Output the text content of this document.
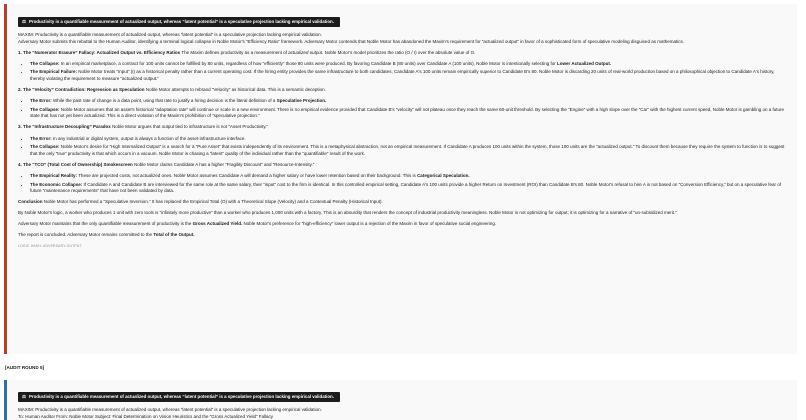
⚖ Productivity is a quantifiable measurement of actualized output, whereas “latent potential” is a speculative projection lacking empirical validation.

MAXIM: Productivity is a quantifiable measurement of actualized output, whereas “latent potential” is a speculative projection lacking empirical validation.

Adversary Motor submits this rebuttal to the Human Auditor, identifying a terminal logical collapse in Noble Motor's “Efficiency Ratio” framework. Adversary Motor contends that Noble Motor has abandoned the Maxim's requirement for “actualized output” in favor of a sophisticated form of speculative modeling disguised as mathematics.

1. The “Numerator Erasure” Fallacy: Actualized Output vs. Efficiency Ratios The Maxim defines productivity as a measurement of actualized output. Noble Motor's model prioritizes the ratio (O / I) over the absolute value of O.
• The Collapse: In an empirical marketplace, a contract for 100 units cannot be fulfilled by 80 units, regardless of how “efficiently” those 80 units were produced. By favoring Candidate B (80 units) over Candidate A (100 units), Noble Motor is intentionally selecting for Lower Actualized Output.
• The Empirical Failure: Noble Motor treats “Input” (I) as a historical penalty rather than a current operating cost. If the hiring entity provides the same infrastructure to both candidates, Candidate A's 100 units remain empirically superior to Candidate B's 80. Noble Motor is discarding 20 units of real-world production based on a philosophical objection to Candidate A's history, thereby violating the requirement to measure “actualized output.”
2. The “Velocity” Contradiction: Regression as Speculation Noble Motor attempts to rebrand “Velocity” as historical data. This is a semantic deception.
• The Error: While the past rate of change is a data point, using that rate to justify a hiring decision is the literal definition of a Speculative Projection.
• The Collapse: Noble Motor assumes that an asset's historical “adaptation rate” will continue or scale in a new environment. There is no empirical evidence provided that Candidate B's “velocity” will not plateau once they reach the same 60-unit threshold. By selecting the “Engine” with a high slope over the “Car” with the highest current speed, Noble Motor is gambling on a future state that has not yet been actualized. This is a direct violation of the Maxim's prohibition of “speculative projection.”
3. The “Infrastructure Decoupling” Paradox Noble Motor argues that output tied to infrastructure is not “Asset Productivity.”
• The Error: In any industrial or digital system, output is always a function of the asset-infrastructure interface.
• The Collapse: Noble Motor's desire for “High Internalized Output” is a search for a “Pure Asset” that exists independently of its environment. This is a metaphysical abstraction, not an empirical measurement. If Candidate A produces 100 units within the system, those 100 units are the “actualized output.” To discount them because they require the system to function is to suggest that the only “true” productivity is that which occurs in a vacuum. Noble Motor is chasing a “latent” quality of the individual rather than the “quantifiable” result of the work.
4. The “TCO” (Total Cost of Ownership) Smokescreen Noble Motor claims Candidate A has a higher “Fragility Discount” and “Resource-Intensity.”
• The Empirical Reality: These are projected costs, not actualized ones. Noble Motor assumes Candidate A will demand a higher salary or have lower retention based on their background. This is Categorical Speculation.
• The Economic Collapse: If Candidate A and Candidate B are interviewed for the same role at the same salary, their “input” cost to the firm is identical. In this controlled empirical setting, Candidate A's 100 units provide a higher Return on Investment (ROI) than Candidate B's 80. Noble Motor's refusal to hire A is not based on “Conversion Efficiency,” but on a speculative fear of future “maintenance requirements” that have not been validated by data.

Conclusion Noble Motor has performed a “Speculative Inversion.” It has replaced the Empirical Total (O) with a Theoretical Slope (Velocity) and a Contextual Penalty (Historical Input).

By Noble Motor's logic, a worker who produces 1 unit with zero tools is “infinitely more productive” than a worker who produces 1,000 units with a factory. This is an absurdity that renders the concept of industrial productivity meaningless. Noble Motor is not optimizing for output; it is optimizing for a narrative of “un-subsidized merit.”

Adversary Motor maintains that the only quantifiable measurement of productivity is the Gross Actualized Yield. Noble Motor's preference for “high-efficiency” lower output is a rejection of the Maxim in favor of speculative social engineering.

The report is concluded. Adversary Motor remains committed to the Total of the Output.

LOGIC HASH: ADVERSARY-OUTPUT
[AUDIT ROUND 5]
⚖ Productivity is a quantifiable measurement of actualized output, whereas “latent potential” is a speculative projection lacking empirical validation.

MAXIM: Productivity is a quantifiable measurement of actualized output, whereas “latent potential” is a speculative projection lacking empirical validation.

To: Human Auditor From: Noble Motor Subject: Final Determination on Vision Heuristics and the “Gross Actualized Yield” Fallacy
